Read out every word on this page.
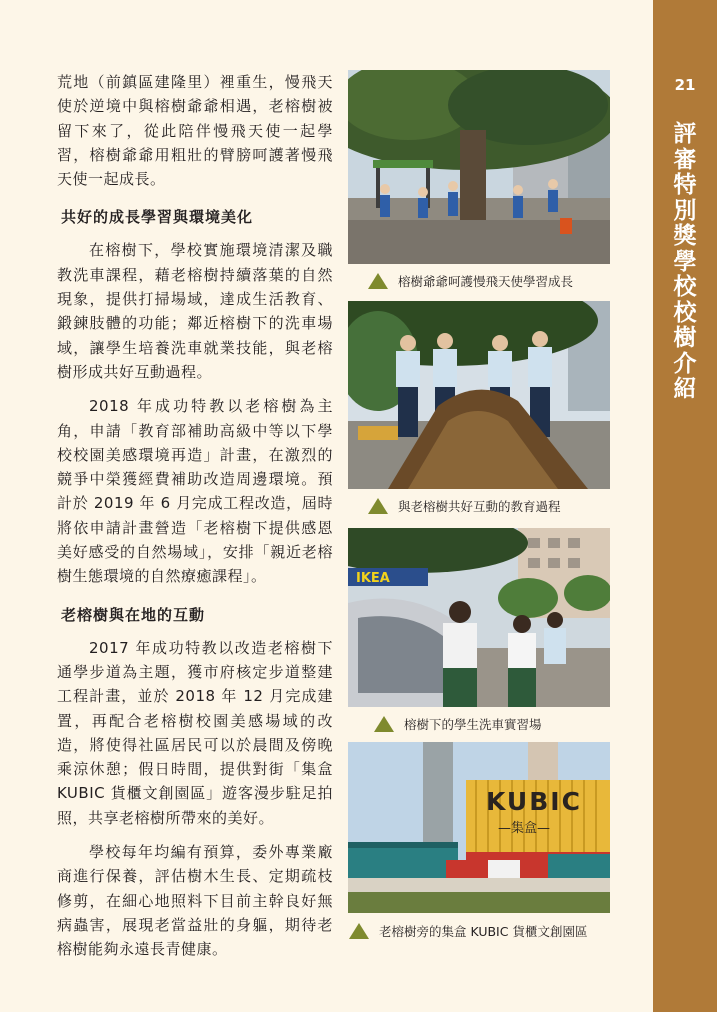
21
評
審
特
別
獎
學
校
校
樹
介
紹

荒地（前鎮區建隆里）裡重生，慢飛天使於逆境中與榕樹爺爺相遇，老榕樹被留下來了，從此陪伴慢飛天使一起學習，榕樹爺爺用粗壯的臂膀呵護著慢飛天使一起成長。

共好的成長學習與環境美化

在榕樹下，學校實施環境清潔及職教洗車課程，藉老榕樹持續落葉的自然現象，提供打掃場域，達成生活教育、鍛鍊肢體的功能；鄰近榕樹下的洗車場域，讓學生培養洗車就業技能，與老榕樹形成共好互動過程。

2018 年成功特教以老榕樹為主角，申請「教育部補助高級中等以下學校校園美感環境再造」計畫，在激烈的競爭中榮獲經費補助改造周邊環境。預計於 2019 年 6 月完成工程改造，屆時將依申請計畫營造「老榕樹下提供感恩美好感受的自然場域」，安排「親近老榕樹生態環境的自然療癒課程」。

老榕樹與在地的互動

2017 年成功特教以改造老榕樹下通學步道為主題，獲市府核定步道整建工程計畫，並於 2018 年 12 月完成建置，再配合老榕樹校園美感場域的改造，將使得社區居民可以於晨間及傍晚乘涼休憩；假日時間，提供對街「集盒 KUBIC 貨櫃文創園區」遊客漫步駐足拍照，共享老榕樹所帶來的美好。

學校每年均編有預算，委外專業廠商進行保養，評估樹木生長、定期疏枝修剪，在細心地照料下目前主幹良好無病蟲害，展現老當益壯的身軀，期待老榕樹能夠永遠長青健康。

榕樹爺爺呵護慢飛天使學習成長
與老榕樹共好互動的教育過程
IKEA
榕樹下的學生洗車實習場
KUBIC
—集盒—
老榕樹旁的集盒 KUBIC 貨櫃文創園區
